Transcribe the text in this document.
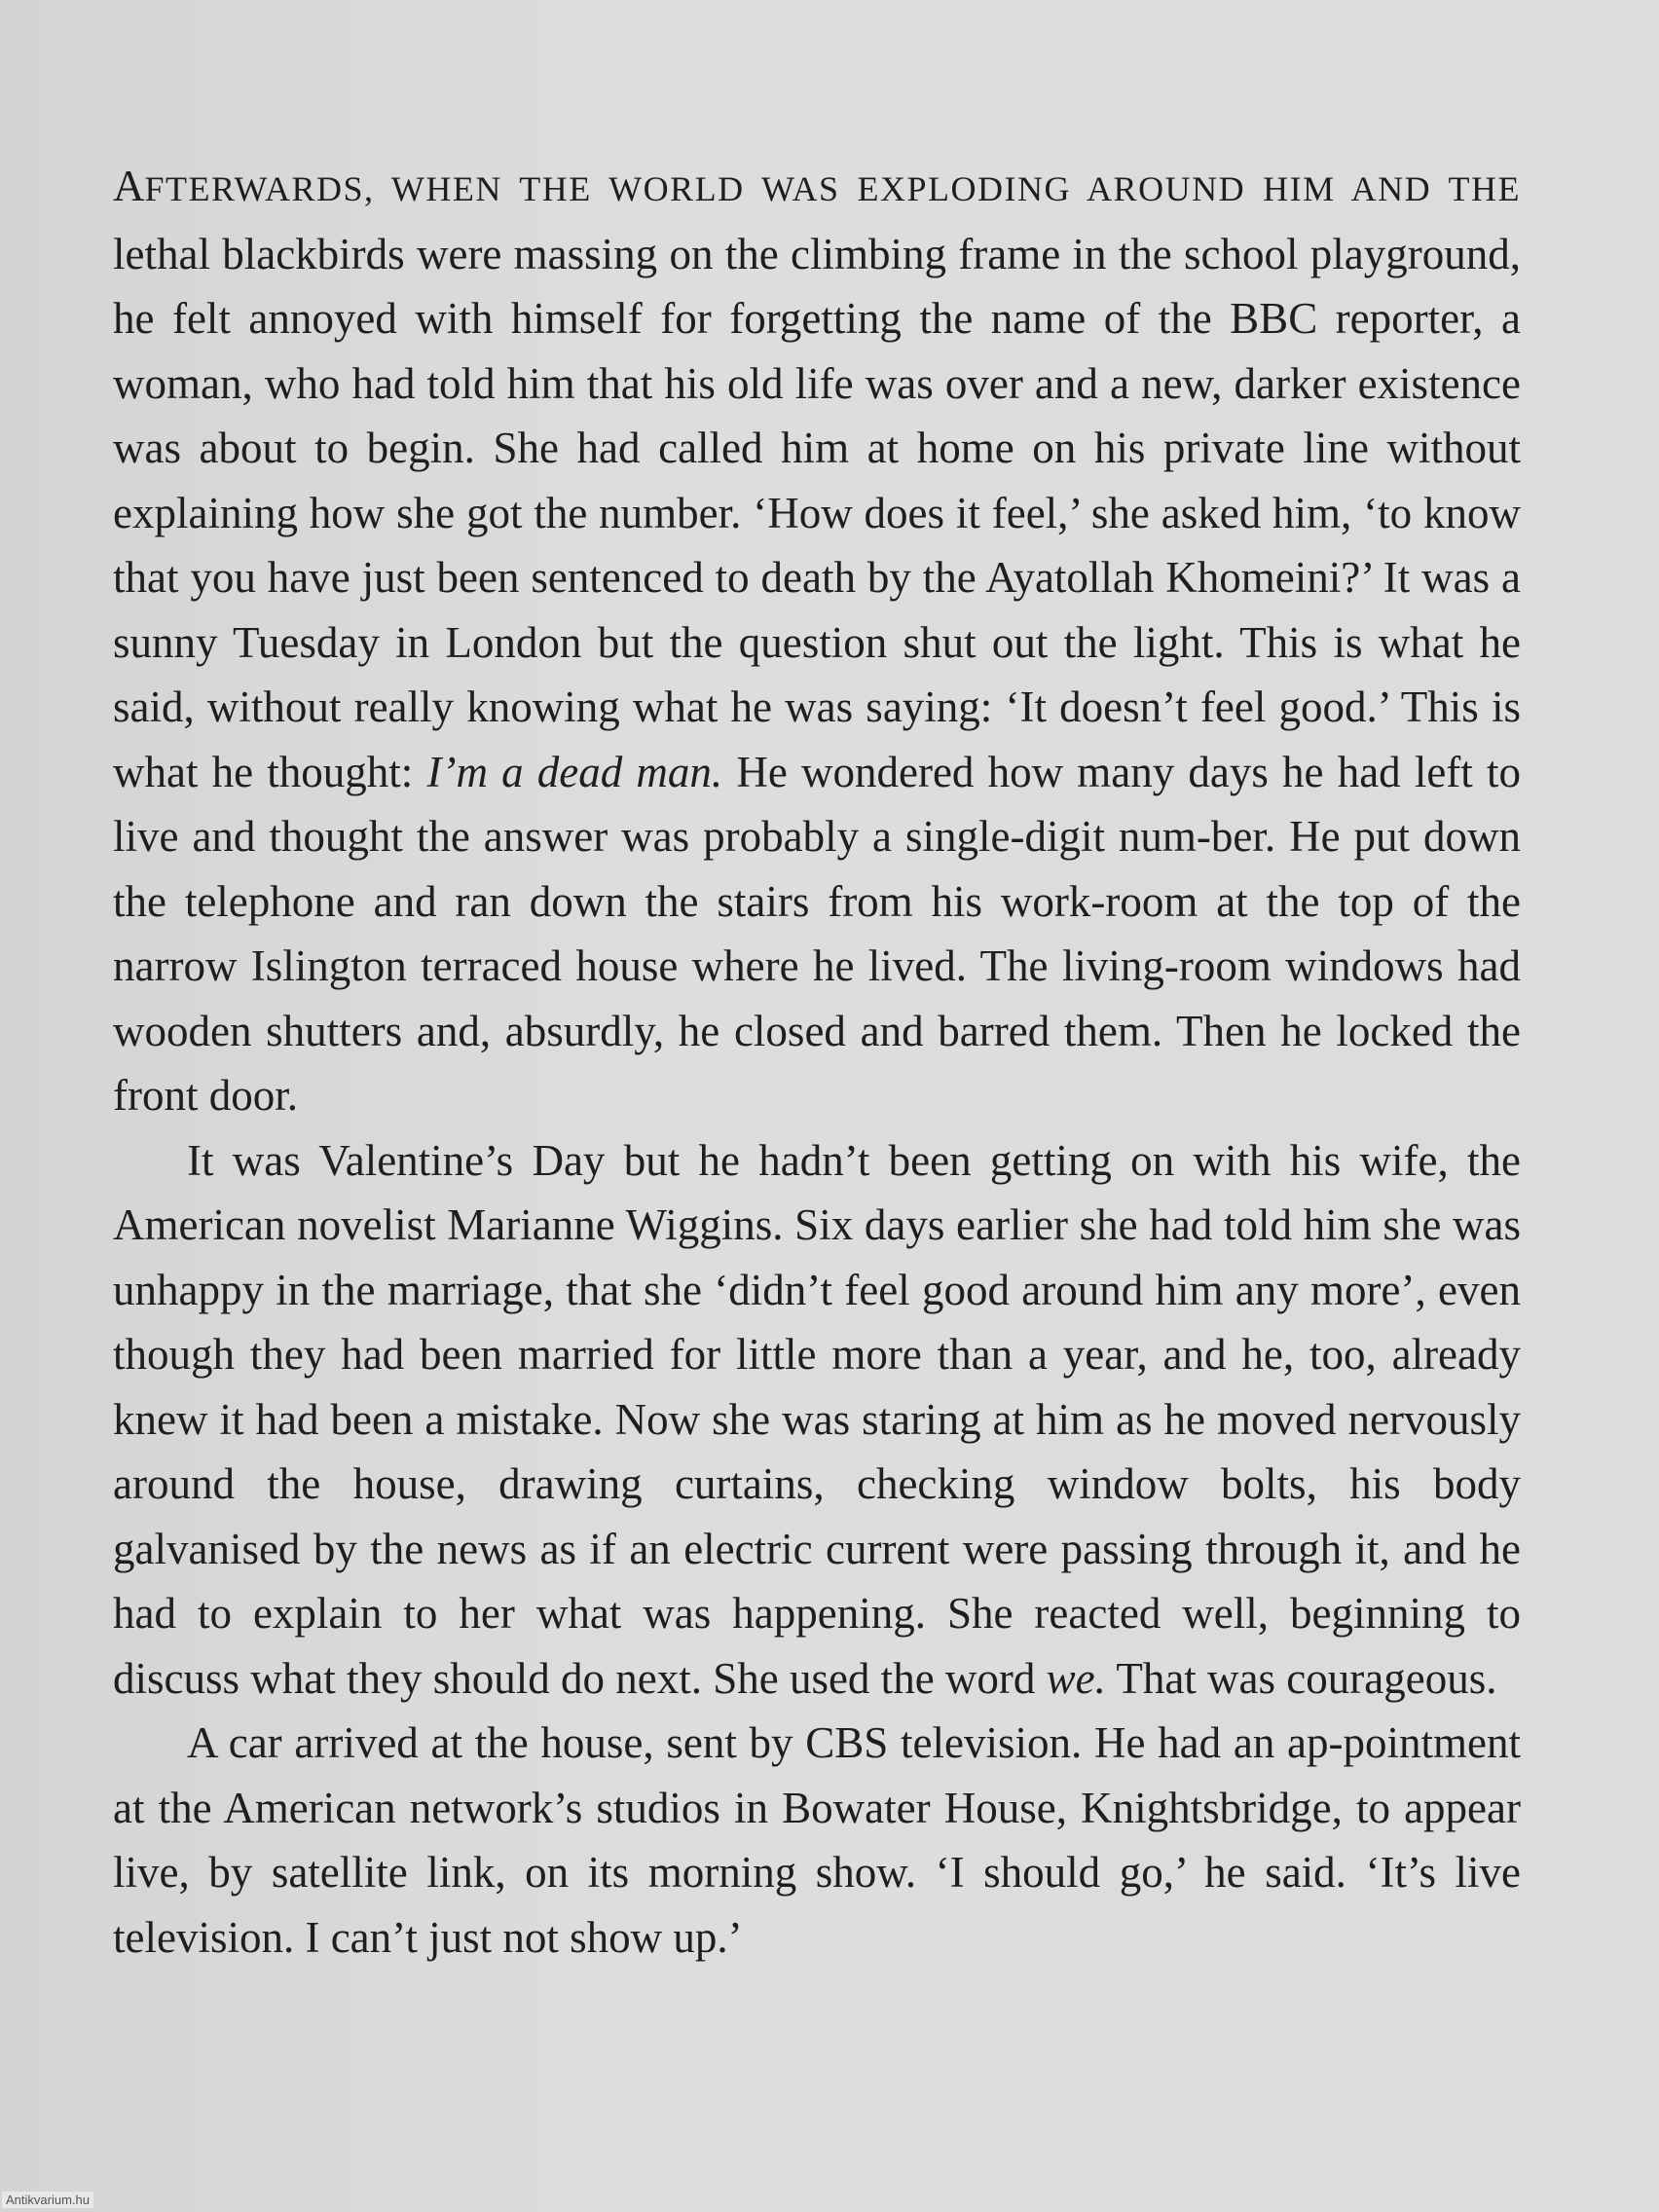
AFTERWARDS, WHEN THE WORLD WAS EXPLODING AROUND HIM AND THE lethal blackbirds were massing on the climbing frame in the school playground, he felt annoyed with himself for forgetting the name of the BBC reporter, a woman, who had told him that his old life was over and a new, darker existence was about to begin. She had called him at home on his private line without explaining how she got the number. ‘How does it feel,’ she asked him, ‘to know that you have just been sentenced to death by the Ayatollah Khomeini?’ It was a sunny Tuesday in London but the question shut out the light. This is what he said, without really knowing what he was saying: ‘It doesn’t feel good.’ This is what he thought: I’m a dead man. He wondered how many days he had left to live and thought the answer was probably a single-digit num-ber. He put down the telephone and ran down the stairs from his work-room at the top of the narrow Islington terraced house where he lived. The living-room windows had wooden shutters and, absurdly, he closed and barred them. Then he locked the front door.

It was Valentine’s Day but he hadn’t been getting on with his wife, the American novelist Marianne Wiggins. Six days earlier she had told him she was unhappy in the marriage, that she ‘didn’t feel good around him any more’, even though they had been married for little more than a year, and he, too, already knew it had been a mistake. Now she was staring at him as he moved nervously around the house, drawing curtains, checking window bolts, his body galvanised by the news as if an electric current were passing through it, and he had to explain to her what was happening. She reacted well, beginning to discuss what they should do next. She used the word we. That was courageous.

A car arrived at the house, sent by CBS television. He had an ap-pointment at the American network’s studios in Bowater House, Knightsbridge, to appear live, by satellite link, on its morning show. ‘I should go,’ he said. ‘It’s live television. I can’t just not show up.’

Antikvarium.hu
